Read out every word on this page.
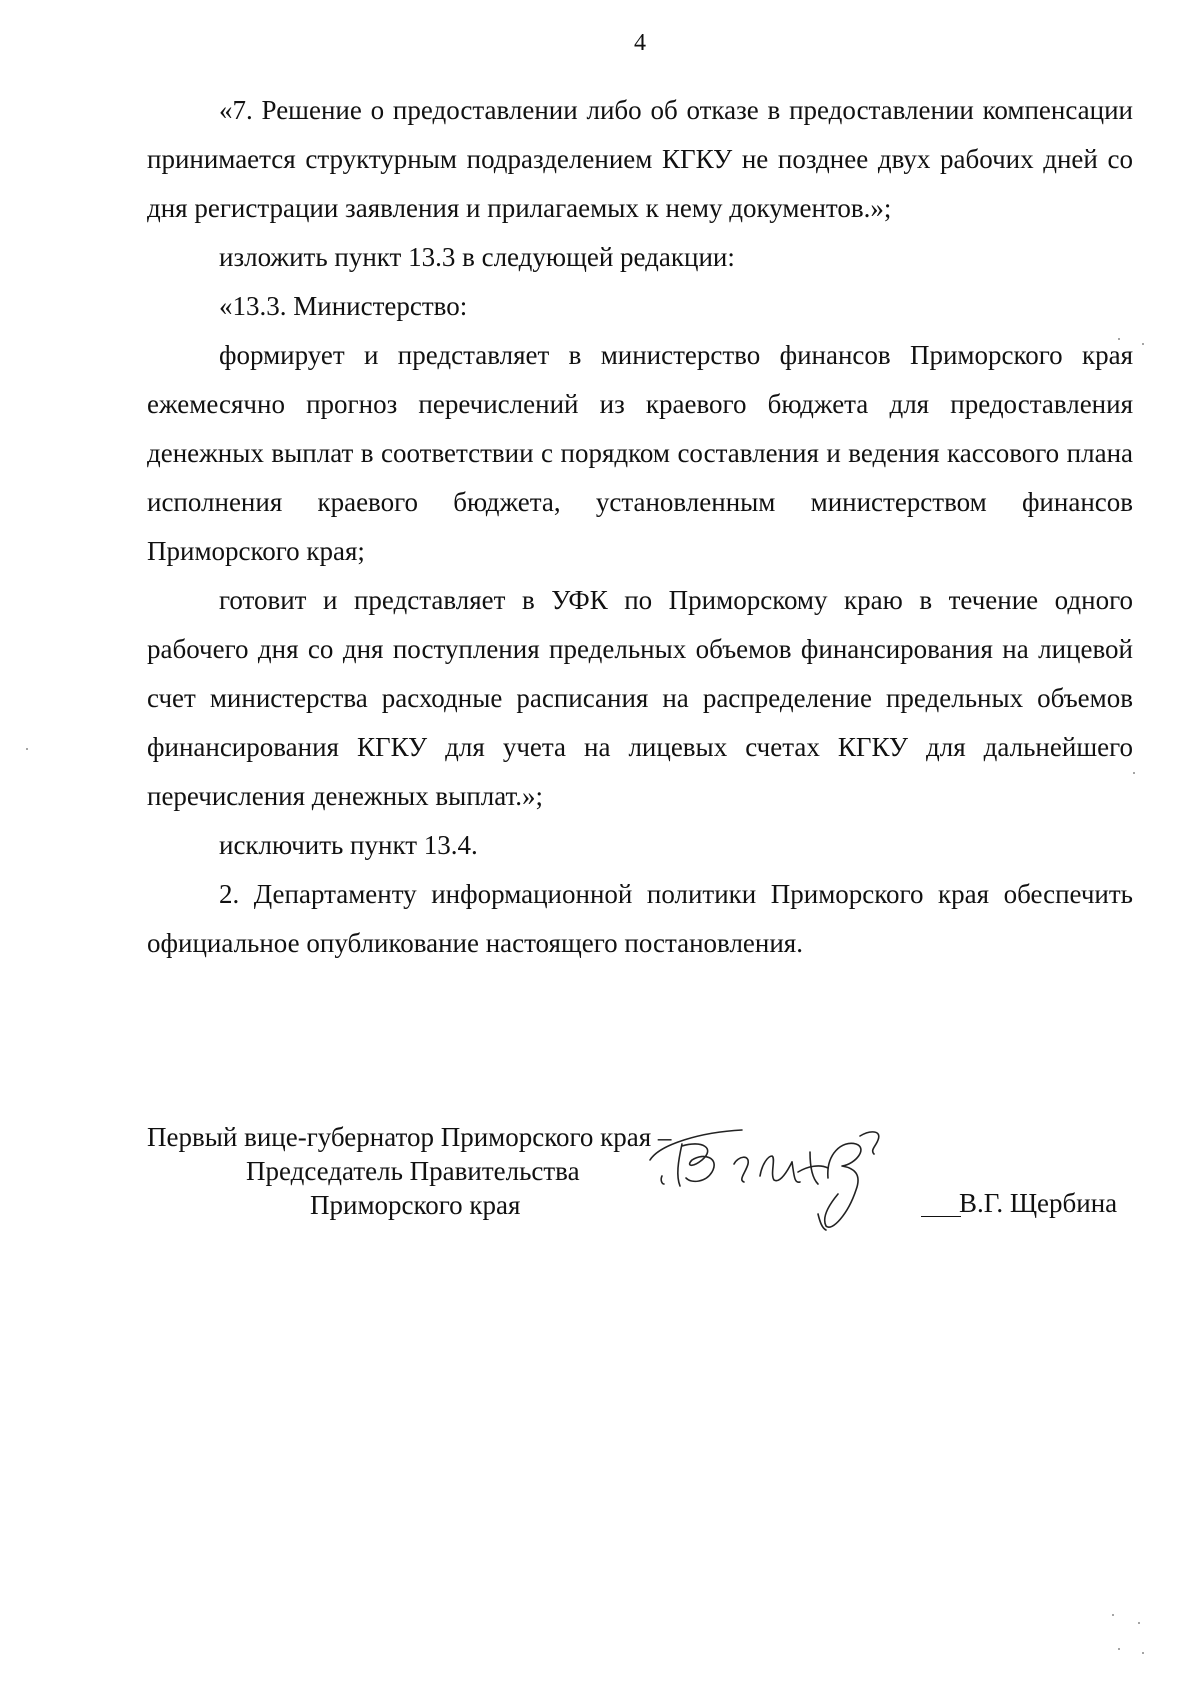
4

«7. Решение о предоставлении либо об отказе в предоставлении компенсации принимается структурным подразделением КГКУ не позднее двух рабочих дней со дня регистрации заявления и прилагаемых к нему документов.»;

изложить пункт 13.3 в следующей редакции:

«13.3. Министерство:

формирует и представляет в министерство финансов Приморского края ежемесячно прогноз перечислений из краевого бюджета для предоставления денежных выплат в соответствии с порядком составления и ведения кассового плана исполнения краевого бюджета, установленным министерством финансов Приморского края;

готовит и представляет в УФК по Приморскому краю в течение одного рабочего дня со дня поступления предельных объемов финансирования на лицевой счет министерства расходные расписания на распределение предельных объемов финансирования КГКУ для учета на лицевых счетах КГКУ для дальнейшего перечисления денежных выплат.»;

исключить пункт 13.4.

2. Департаменту информационной политики Приморского края обеспечить официальное опубликование настоящего постановления.

Первый вице-губернатор Приморского края –
Председатель Правительства
Приморского края	В.Г. Щербина
